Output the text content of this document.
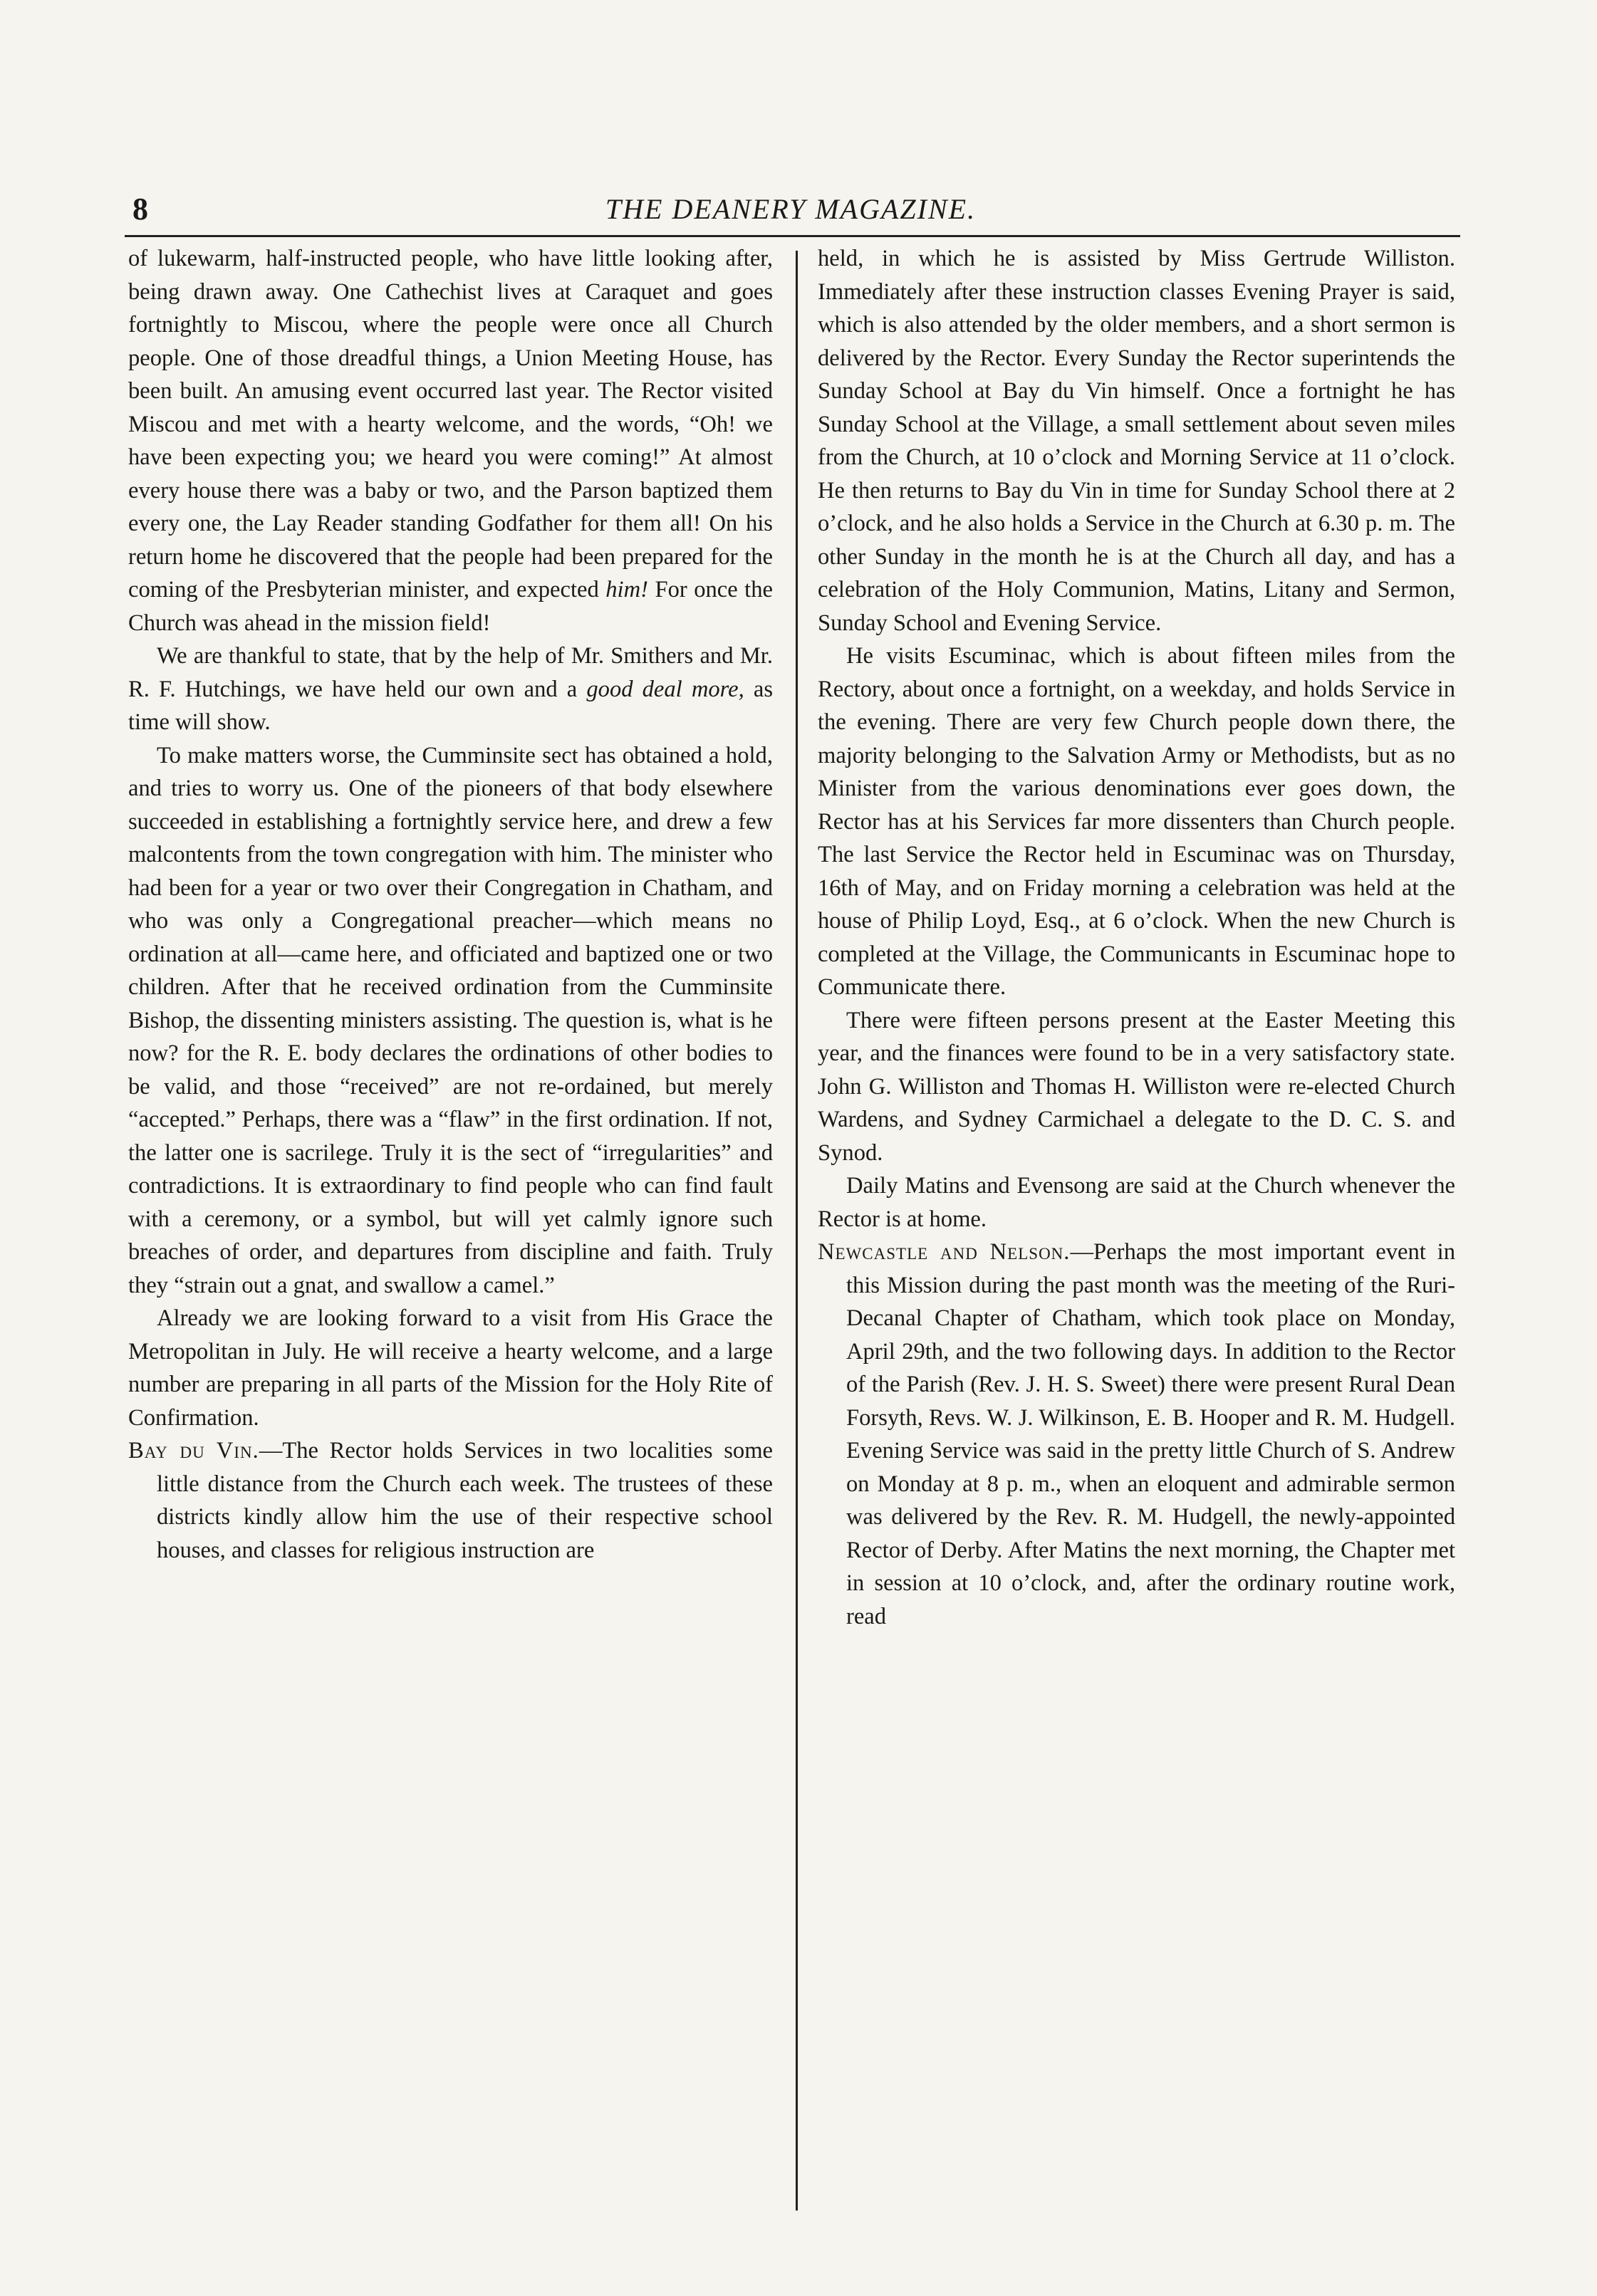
8	THE DEANERY MAGAZINE.

of lukewarm, half-instructed people, who have little looking after, being drawn away. One Cathechist lives at Caraquet and goes fortnightly to Miscou, where the people were once all Church people. One of those dreadful things, a Union Meeting House, has been built. An amusing event occurred last year. The Rector visited Miscou and met with a hearty welcome, and the words, “Oh! we have been expecting you; we heard you were coming!” At almost every house there was a baby or two, and the Parson baptized them every one, the Lay Reader standing Godfather for them all! On his return home he discovered that the people had been prepared for the coming of the Presbyterian minister, and expected him! For once the Church was ahead in the mission field!

We are thankful to state, that by the help of Mr. Smithers and Mr. R. F. Hutchings, we have held our own and a good deal more, as time will show.

To make matters worse, the Cumminsite sect has obtained a hold, and tries to worry us. One of the pioneers of that body elsewhere succeeded in establishing a fortnightly service here, and drew a few malcontents from the town congregation with him. The minister who had been for a year or two over their Congregation in Chatham, and who was only a Congregational preacher—which means no ordination at all—came here, and officiated and baptized one or two children. After that he received ordination from the Cumminsite Bishop, the dissenting ministers assisting. The question is, what is he now? for the R. E. body declares the ordinations of other bodies to be valid, and those “received” are not re-ordained, but merely “accepted.” Perhaps, there was a “flaw” in the first ordination. If not, the latter one is sacrilege. Truly it is the sect of “irregularities” and contradictions. It is extraordinary to find people who can find fault with a ceremony, or a symbol, but will yet calmly ignore such breaches of order, and departures from discipline and faith. Truly they “strain out a gnat, and swallow a camel.”

Already we are looking forward to a visit from His Grace the Metropolitan in July. He will receive a hearty welcome, and a large number are preparing in all parts of the Mission for the Holy Rite of Confirmation.

Bay du Vin.—The Rector holds Services in two localities some little distance from the Church each week. The trustees of these districts kindly allow him the use of their respective school houses, and classes for religious instruction are

held, in which he is assisted by Miss Gertrude Williston. Immediately after these instruction classes Evening Prayer is said, which is also attended by the older members, and a short sermon is delivered by the Rector. Every Sunday the Rector superintends the Sunday School at Bay du Vin himself. Once a fortnight he has Sunday School at the Village, a small settlement about seven miles from the Church, at 10 o’clock and Morning Service at 11 o’clock. He then returns to Bay du Vin in time for Sunday School there at 2 o’clock, and he also holds a Service in the Church at 6.30 p. m. The other Sunday in the month he is at the Church all day, and has a celebration of the Holy Communion, Matins, Litany and Sermon, Sunday School and Evening Service.

He visits Escuminac, which is about fifteen miles from the Rectory, about once a fortnight, on a weekday, and holds Service in the evening. There are very few Church people down there, the majority belonging to the Salvation Army or Methodists, but as no Minister from the various denominations ever goes down, the Rector has at his Services far more dissenters than Church people. The last Service the Rector held in Escuminac was on Thursday, 16th of May, and on Friday morning a celebration was held at the house of Philip Loyd, Esq., at 6 o’clock. When the new Church is completed at the Village, the Communicants in Escuminac hope to Communicate there.

There were fifteen persons present at the Easter Meeting this year, and the finances were found to be in a very satisfactory state. John G. Williston and Thomas H. Williston were re-elected Church Wardens, and Sydney Carmichael a delegate to the D. C. S. and Synod.

Daily Matins and Evensong are said at the Church whenever the Rector is at home.

Newcastle and Nelson.—Perhaps the most important event in this Mission during the past month was the meeting of the Ruri-Decanal Chapter of Chatham, which took place on Monday, April 29th, and the two following days. In addition to the Rector of the Parish (Rev. J. H. S. Sweet) there were present Rural Dean Forsyth, Revs. W. J. Wilkinson, E. B. Hooper and R. M. Hudgell. Evening Service was said in the pretty little Church of S. Andrew on Monday at 8 p. m., when an eloquent and admirable sermon was delivered by the Rev. R. M. Hudgell, the newly-appointed Rector of Derby. After Matins the next morning, the Chapter met in session at 10 o’clock, and, after the ordinary routine work, read
